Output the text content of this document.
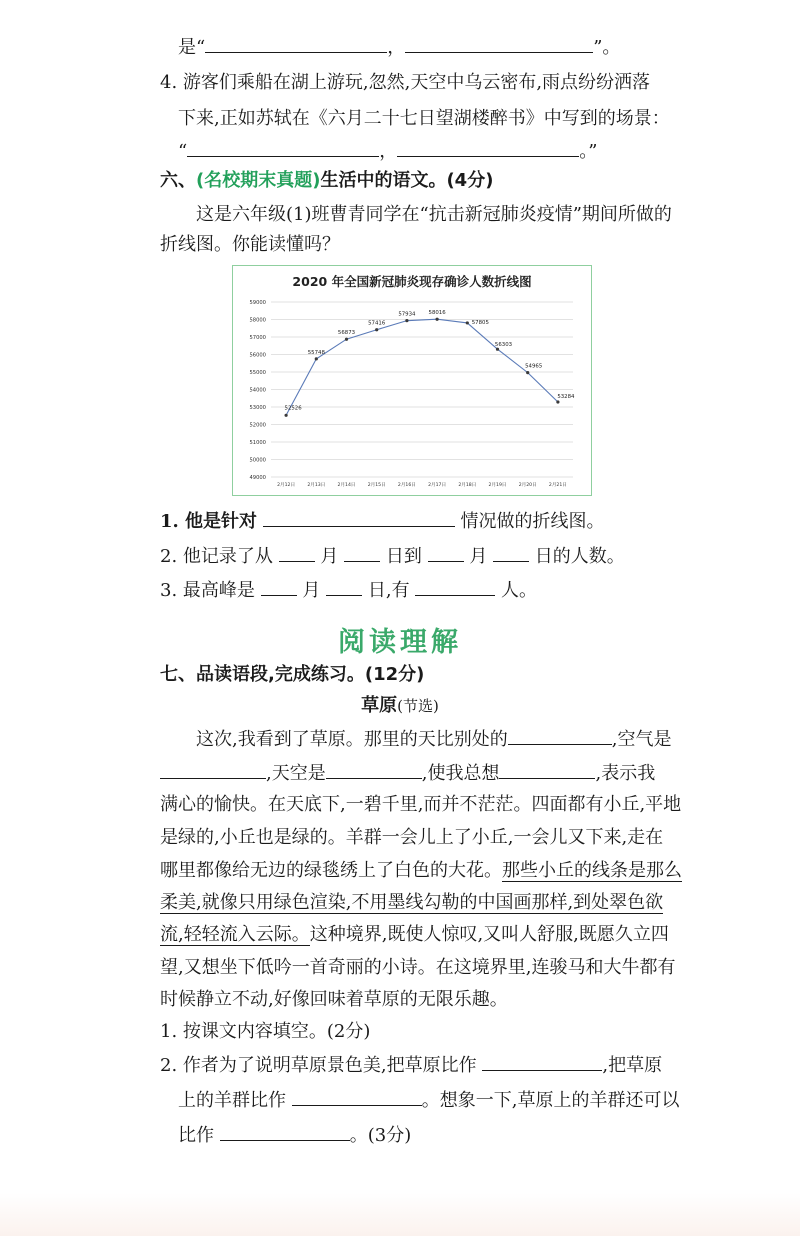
是“	，	”。
4. 游客们乘船在湖上游玩,忽然,天空中乌云密布,雨点纷纷洒落
下来,正如苏轼在《六月二十七日望湖楼醉书》中写到的场景：
“	，	。”
六、(名校期末真题)生活中的语文。(4分)
这是六年级(1)班曹青同学在“抗击新冠肺炎疫情”期间所做的
折线图。你能读懂吗？
2020 年全国新冠肺炎现存确诊人数折线图
59000
58000
57000
56000
55000
54000
53000
52000
51000
50000
49000
2月12日	2月13日	2月14日	2月15日	2月16日	2月17日	2月18日	2月19日	2月20日	2月21日
52526
55748
56873
57416
57934 58016
57805
56303
54965
53284
1. 他是针对	情况做的折线图。
2. 他记录了从	月	日到	月	日的人数。
3. 最高峰是	月	日,有	人。
阅读理解
七、品读语段,完成练习。(12分)
草原(节选)
这次,我看到了草原。那里的天比别处的	,空气是
,天空是	,使我总想	,表示我
满心的愉快。在天底下,一碧千里,而并不茫茫。四面都有小丘,平地
是绿的,小丘也是绿的。羊群一会儿上了小丘,一会儿又下来,走在
哪里都像给无边的绿毯绣上了白色的大花。那些小丘的线条是那么
柔美,就像只用绿色渲染,不用墨线勾勒的中国画那样,到处翠色欲
流,轻轻流入云际。这种境界,既使人惊叹,又叫人舒服,既愿久立四
望,又想坐下低吟一首奇丽的小诗。在这境界里,连骏马和大牛都有
时候静立不动,好像回味着草原的无限乐趣。
1. 按课文内容填空。(2分)
2. 作者为了说明草原景色美,把草原比作	,把草原
上的羊群比作	。想象一下,草原上的羊群还可以
比作	。(3分)
